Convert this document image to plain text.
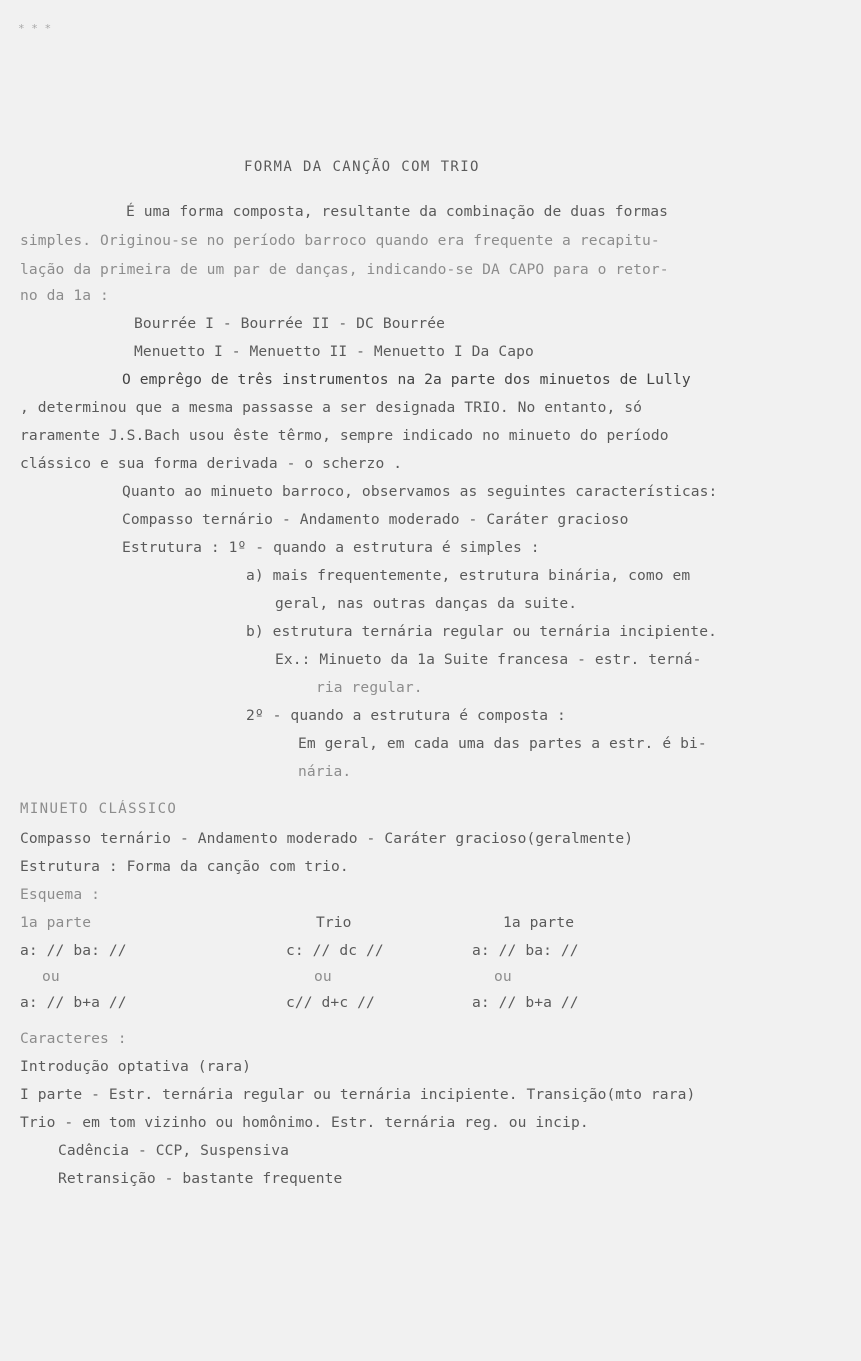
* * *
FORMA DA CANÇÃO COM TRIO
É uma forma composta, resultante da combinação de duas formas
simples. Originou-se no período barroco quando era frequente a recapitu-
lação da primeira de um par de danças, indicando-se DA CAPO para o retor-
no da 1a :
Bourrée I - Bourrée II - DC Bourrée
Menuetto I - Menuetto II - Menuetto I Da Capo
O emprêgo de três instrumentos na 2a parte dos minuetos de Lully
, determinou que a mesma passasse a ser designada TRIO. No entanto, só
raramente J.S.Bach usou êste têrmo, sempre indicado no minueto do período
clássico e sua forma derivada - o scherzo .
Quanto ao minueto barroco, observamos as seguintes características:
Compasso ternário - Andamento moderado - Caráter gracioso
Estrutura : 1º - quando a estrutura é simples :
a) mais frequentemente, estrutura binária, como em
geral, nas outras danças da suite.
b) estrutura ternária regular ou ternária incipiente.
Ex.: Minueto da 1a Suite francesa - estr. terná-
ria regular.
2º - quando a estrutura é composta :
Em geral, em cada uma das partes a estr. é bi-
nária.
MINUETO CLÁSSICO
Compasso ternário - Andamento moderado - Caráter gracioso(geralmente)
Estrutura : Forma da canção com trio.
Esquema :
1a parte	Trio	1a parte
a: // ba: //	c: // dc //	a: // ba: //
ou	ou	ou
a: // b+a //	c// d+c //	a: // b+a //
Caracteres :
Introdução optativa (rara)
I parte - Estr. ternária regular ou ternária incipiente. Transição(mto rara)
Trio - em tom vizinho ou homônimo. Estr. ternária reg. ou incip.
Cadência - CCP, Suspensiva
Retransição - bastante frequente
